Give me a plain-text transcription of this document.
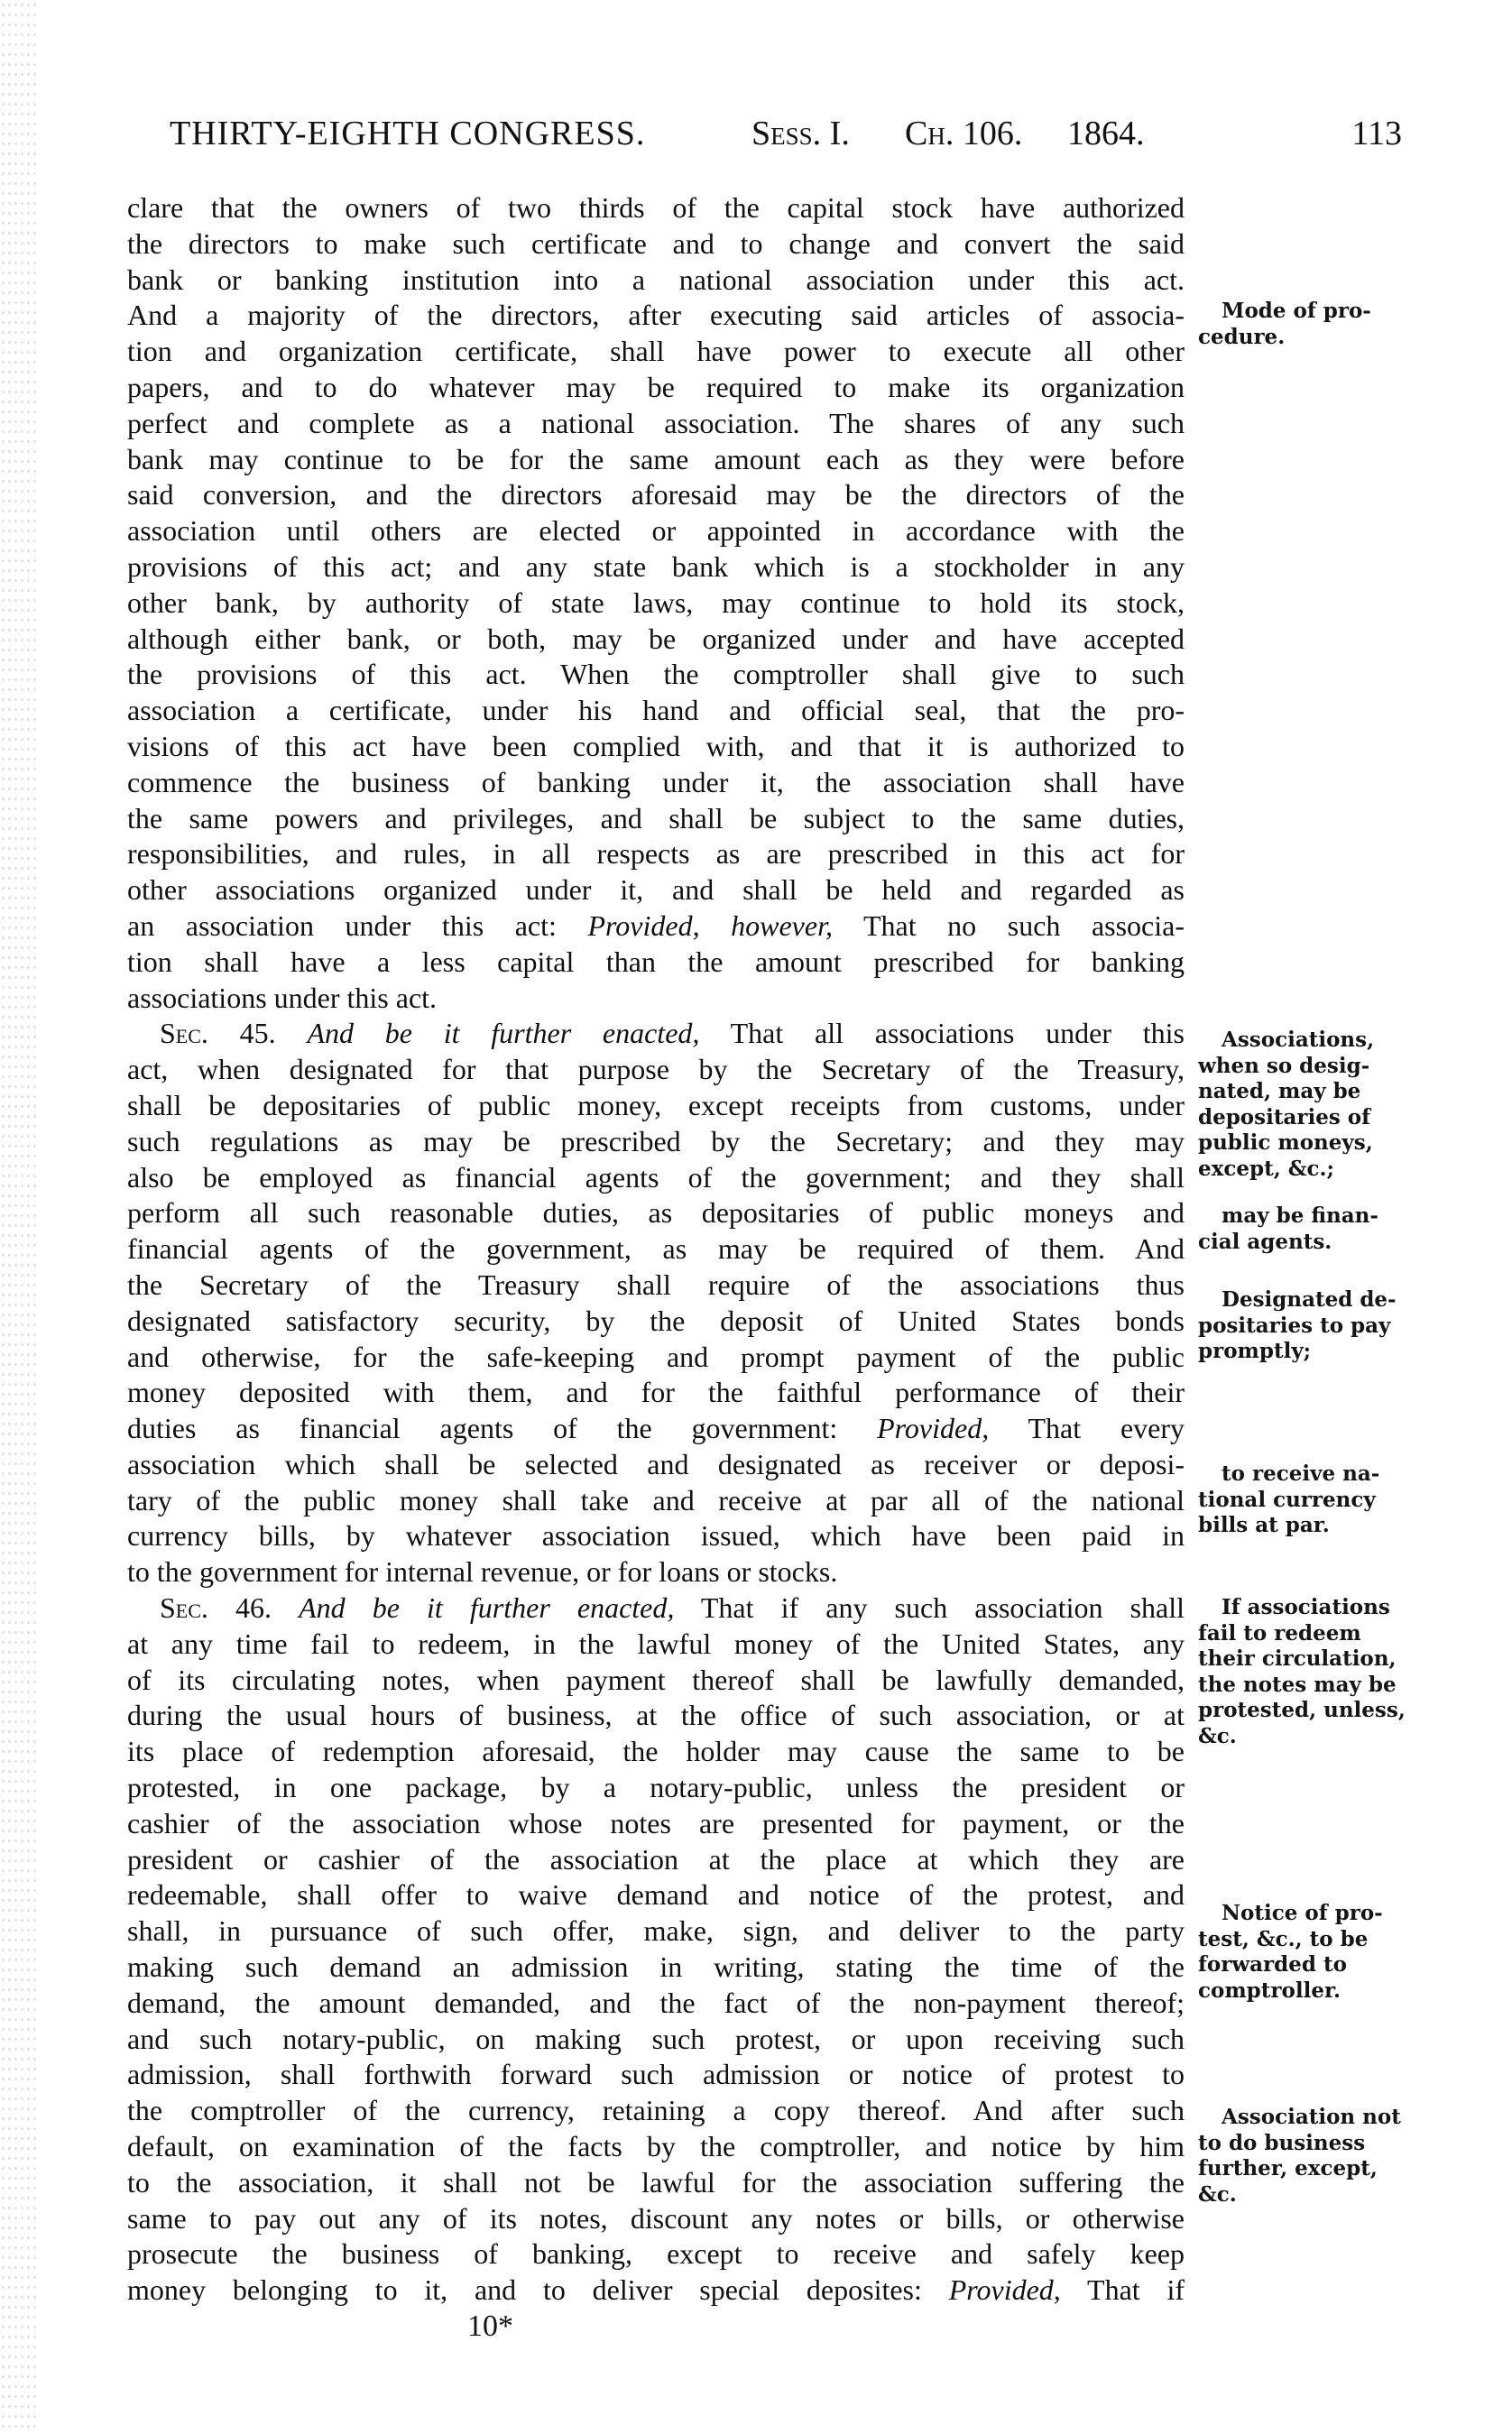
THIRTY-EIGHTH CONGRESS.	Sess. I. Ch. 106. 1864.	113
clare that the owners of two thirds of the capital stock have authorized
the directors to make such certificate and to change and convert the said
bank or banking institution into a national association under this act.
And a majority of the directors, after executing said articles of associa-
tion and organization certificate, shall have power to execute all other
papers, and to do whatever may be required to make its organization
perfect and complete as a national association. The shares of any such
bank may continue to be for the same amount each as they were before
said conversion, and the directors aforesaid may be the directors of the
association until others are elected or appointed in accordance with the
provisions of this act; and any state bank which is a stockholder in any
other bank, by authority of state laws, may continue to hold its stock,
although either bank, or both, may be organized under and have accepted
the provisions of this act. When the comptroller shall give to such
association a certificate, under his hand and official seal, that the pro-
visions of this act have been complied with, and that it is authorized to
commence the business of banking under it, the association shall have
the same powers and privileges, and shall be subject to the same duties,
responsibilities, and rules, in all respects as are prescribed in this act for
other associations organized under it, and shall be held and regarded as
an association under this act: Provided, however, That no such associa-
tion shall have a less capital than the amount prescribed for banking
associations under this act.
Sec. 45. And be it further enacted, That all associations under this
act, when designated for that purpose by the Secretary of the Treasury,
shall be depositaries of public money, except receipts from customs, under
such regulations as may be prescribed by the Secretary; and they may
also be employed as financial agents of the government; and they shall
perform all such reasonable duties, as depositaries of public moneys and
financial agents of the government, as may be required of them. And
the Secretary of the Treasury shall require of the associations thus
designated satisfactory security, by the deposit of United States bonds
and otherwise, for the safe-keeping and prompt payment of the public
money deposited with them, and for the faithful performance of their
duties as financial agents of the government: Provided, That every
association which shall be selected and designated as receiver or deposi-
tary of the public money shall take and receive at par all of the national
currency bills, by whatever association issued, which have been paid in
to the government for internal revenue, or for loans or stocks.
Sec. 46. And be it further enacted, That if any such association shall
at any time fail to redeem, in the lawful money of the United States, any
of its circulating notes, when payment thereof shall be lawfully demanded,
during the usual hours of business, at the office of such association, or at
its place of redemption aforesaid, the holder may cause the same to be
protested, in one package, by a notary-public, unless the president or
cashier of the association whose notes are presented for payment, or the
president or cashier of the association at the place at which they are
redeemable, shall offer to waive demand and notice of the protest, and
shall, in pursuance of such offer, make, sign, and deliver to the party
making such demand an admission in writing, stating the time of the
demand, the amount demanded, and the fact of the non-payment thereof;
and such notary-public, on making such protest, or upon receiving such
admission, shall forthwith forward such admission or notice of protest to
the comptroller of the currency, retaining a copy thereof. And after such
default, on examination of the facts by the comptroller, and notice by him
to the association, it shall not be lawful for the association suffering the
same to pay out any of its notes, discount any notes or bills, or otherwise
prosecute the business of banking, except to receive and safely keep
money belonging to it, and to deliver special deposites: Provided, That if
Mode of pro-
cedure.
Associations,
when so desig-
nated, may be
depositaries of
public moneys,
except, &c.;
may be finan-
cial agents.
Designated de-
positaries to pay
promptly;
to receive na-
tional currency
bills at par.
If associations
fail to redeem
their circulation,
the notes may be
protested, unless,
&c.
Notice of pro-
test, &c., to be
forwarded to
comptroller.
Association not
to do business
further, except,
&c.
10*
